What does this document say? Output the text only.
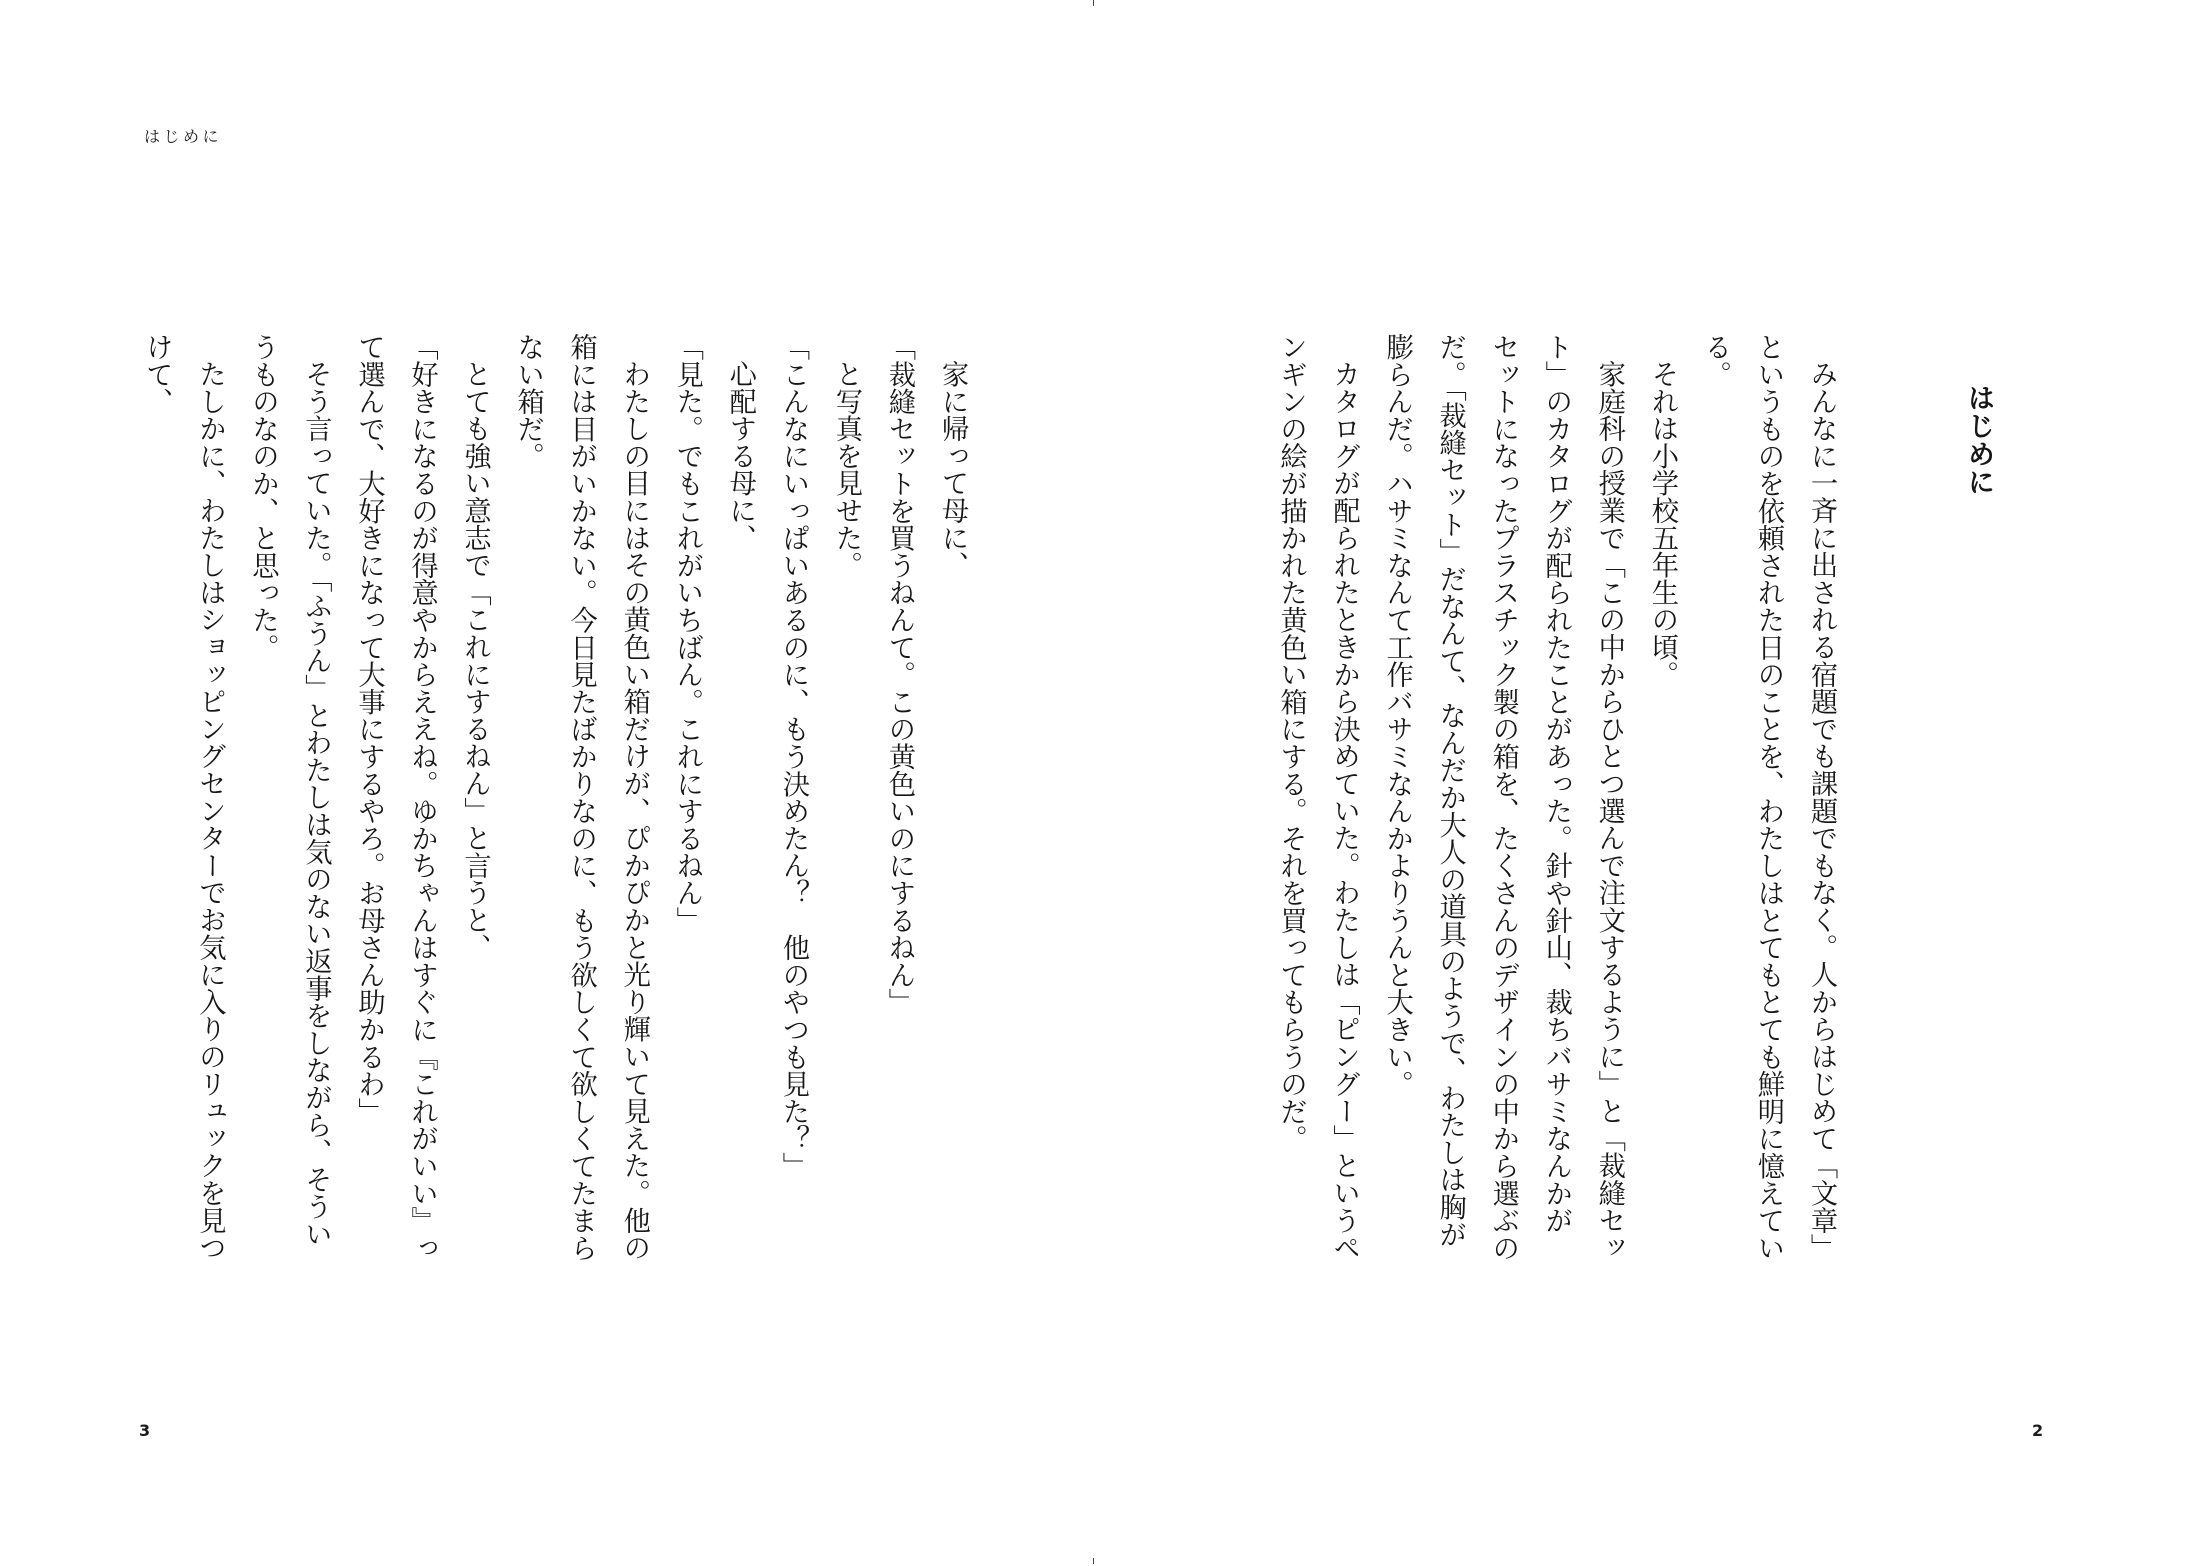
はじめに
家に帰って母に、
「裁縫セットを買うねんて。この黄色いのにするねん」
と写真を見せた。
「こんなにいっぱいあるのに、もう決めたん？　他のやつも見た？」
心配する母に、
「見た。でもこれがいちばん。これにするねん」
わたしの目にはその黄色い箱だけが、ぴかぴかと光り輝いて見えた。他の
箱には目がいかない。今日見たばかりなのに、もう欲しくて欲しくてたまら
ない箱だ。
とても強い意志で「これにするねん」と言うと、
「好きになるのが得意やからええね。ゆかちゃんはすぐに『これがいい』っ
て選んで、大好きになって大事にするやろ。お母さん助かるわ」
そう言っていた。「ふうん」とわたしは気のない返事をしながら、そうい
うものなのか、と思った。
たしかに、わたしはショッピングセンターでお気に入りのリュックを見つ
けて、
3
はじめに
みんなに一斉に出される宿題でも課題でもなく。人からはじめて「文章」
というものを依頼された日のことを、わたしはとてもとても鮮明に憶えてい
る。
それは小学校五年生の頃。
家庭科の授業で「この中からひとつ選んで注文するように」と「裁縫セッ
ト」のカタログが配られたことがあった。針や針山、裁ちバサミなんかが
セットになったプラスチック製の箱を、たくさんのデザインの中から選ぶの
だ。「裁縫セット」だなんて、なんだか大人の道具のようで、わたしは胸が
膨らんだ。ハサミなんて工作バサミなんかよりうんと大きい。
カタログが配られたときから決めていた。わたしは「ピングー」というペ
ンギンの絵が描かれた黄色い箱にする。それを買ってもらうのだ。
2
